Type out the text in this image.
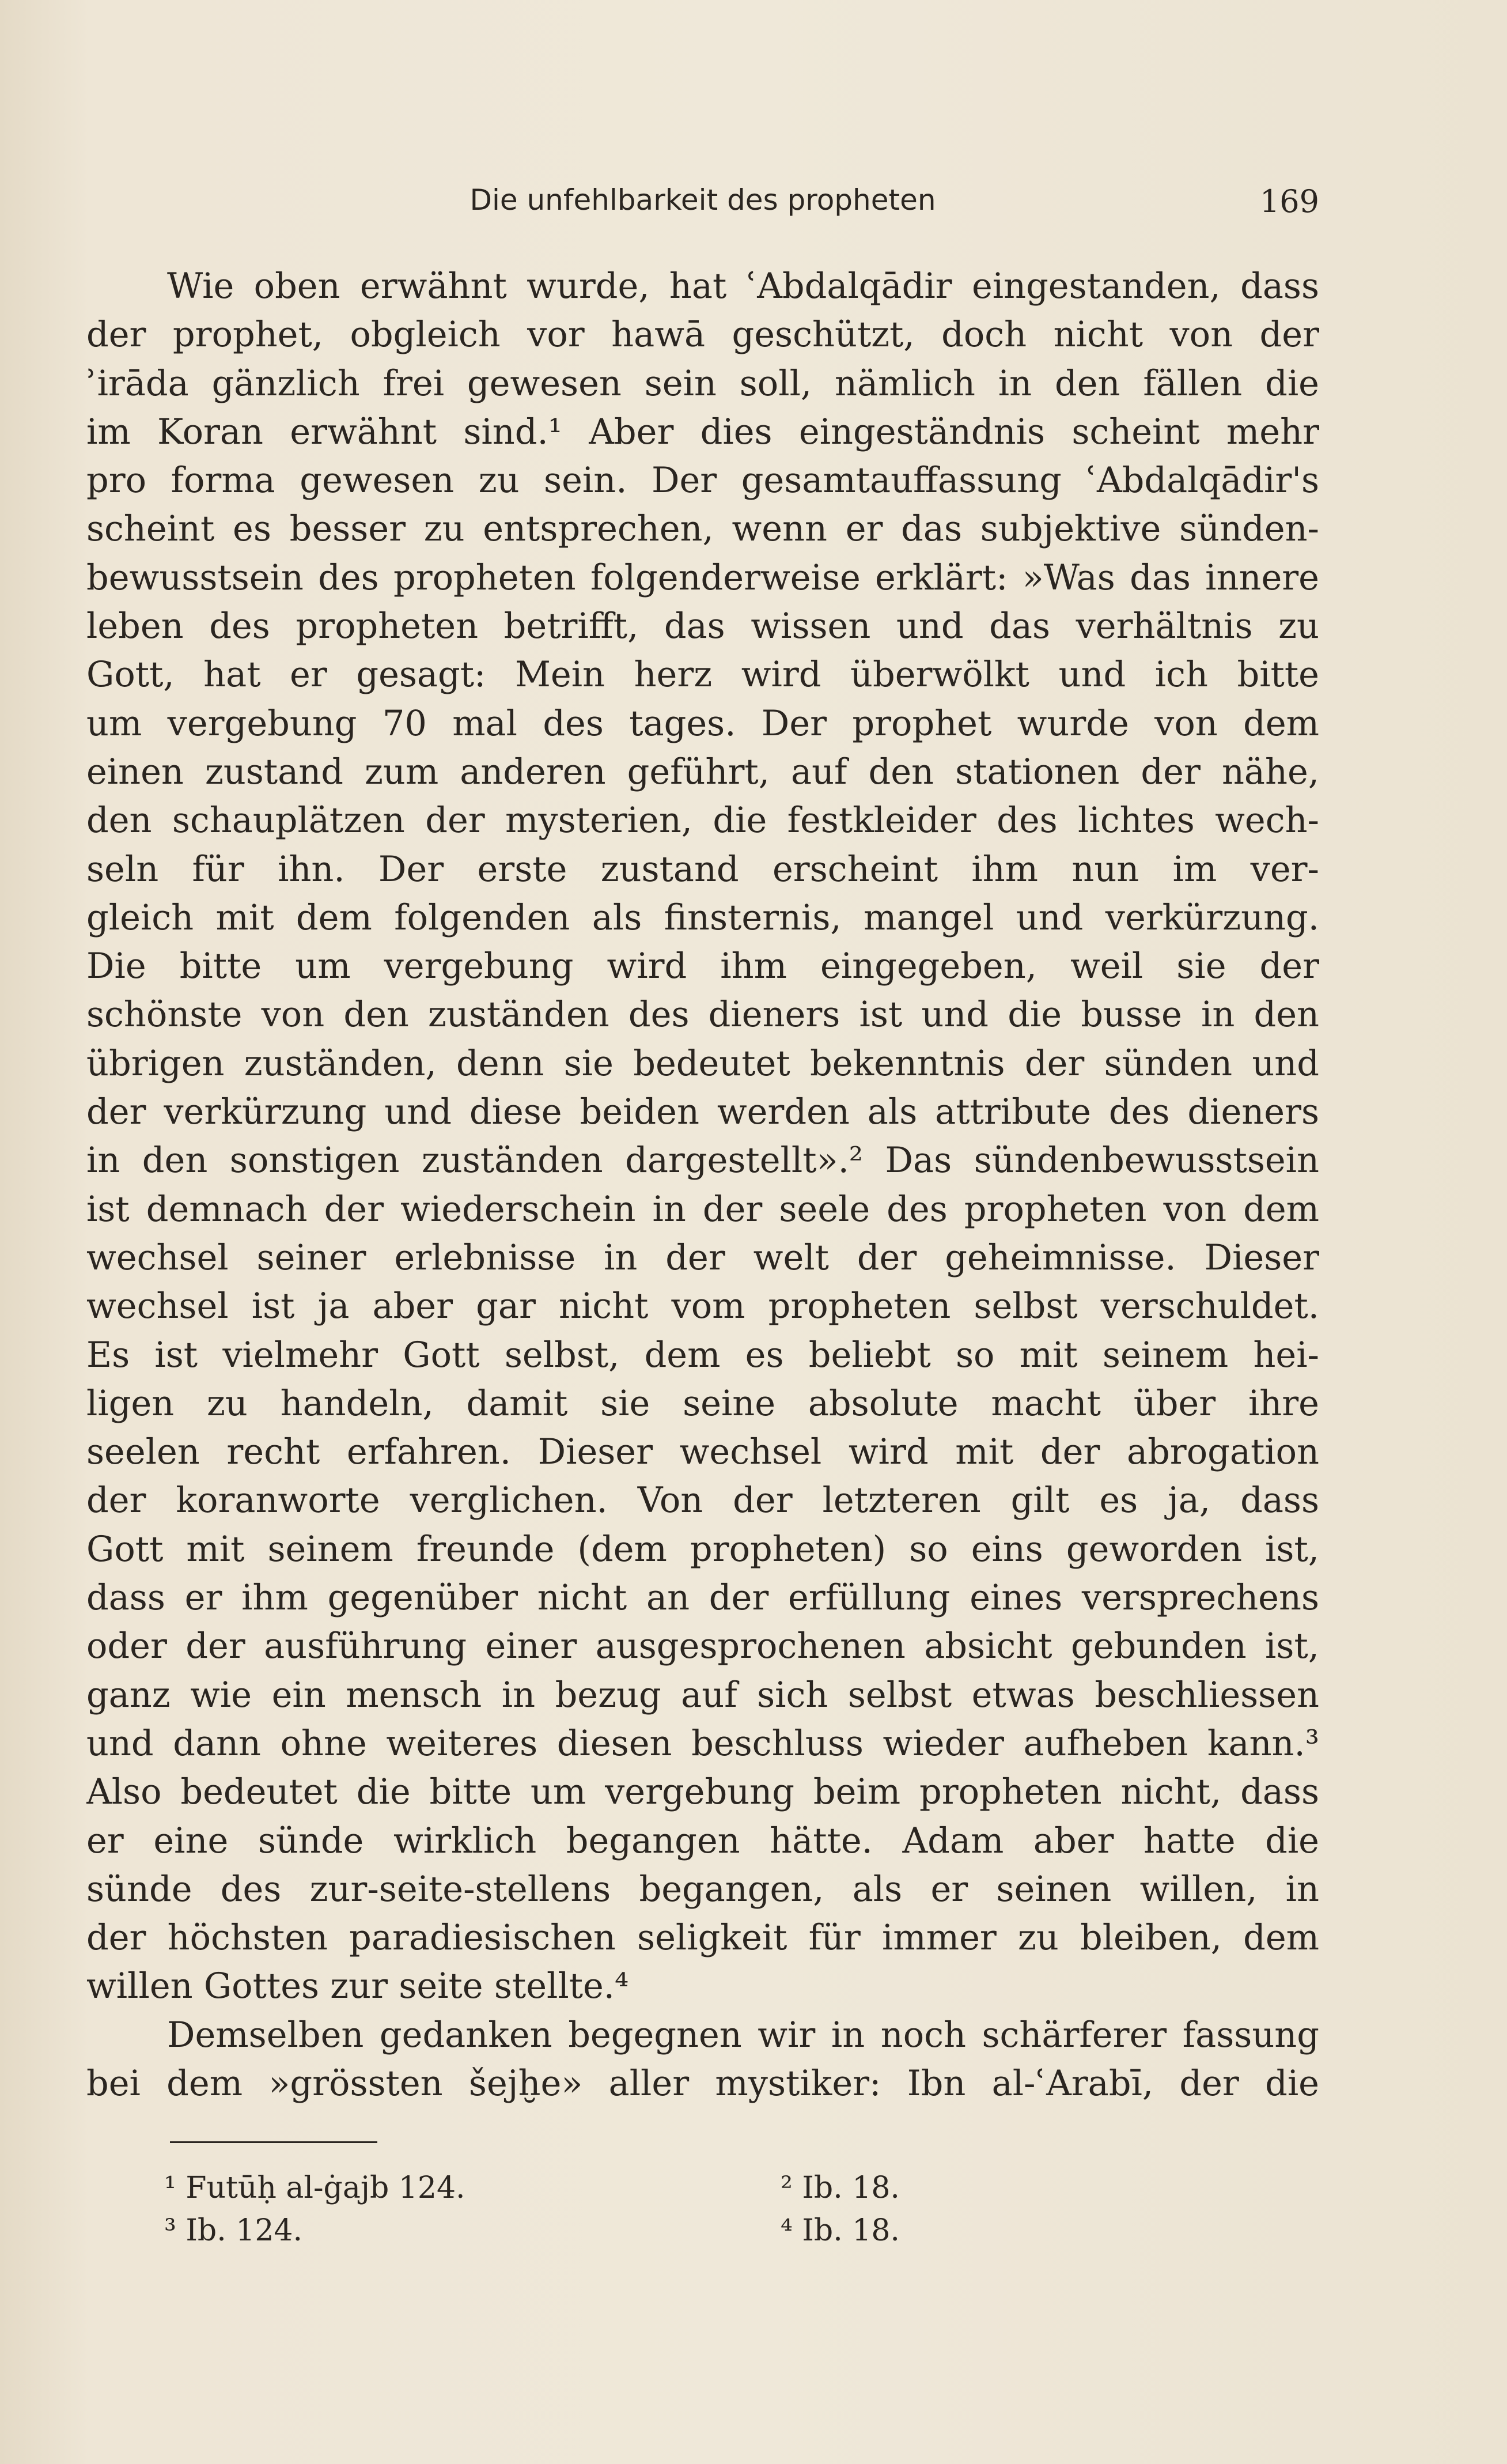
Die unfehlbarkeit des propheten	169
Wie oben erwähnt wurde, hat ʿAbdalqādir eingestanden, dass
der prophet, obgleich vor hawā geschützt, doch nicht von der
ʾirāda gänzlich frei gewesen sein soll, nämlich in den fällen die
im Koran erwähnt sind.¹ Aber dies eingeständnis scheint mehr
pro forma gewesen zu sein. Der gesamtauffassung ʿAbdalqādir's
scheint es besser zu entsprechen, wenn er das subjektive sünden-
bewusstsein des propheten folgenderweise erklärt: »Was das innere
leben des propheten betrifft, das wissen und das verhältnis zu
Gott, hat er gesagt: Mein herz wird überwölkt und ich bitte
um vergebung 70 mal des tages. Der prophet wurde von dem
einen zustand zum anderen geführt, auf den stationen der nähe,
den schauplätzen der mysterien, die festkleider des lichtes wech-
seln für ihn. Der erste zustand erscheint ihm nun im ver-
gleich mit dem folgenden als finsternis, mangel und verkürzung.
Die bitte um vergebung wird ihm eingegeben, weil sie der
schönste von den zuständen des dieners ist und die busse in den
übrigen zuständen, denn sie bedeutet bekenntnis der sünden und
der verkürzung und diese beiden werden als attribute des dieners
in den sonstigen zuständen dargestellt».² Das sündenbewusstsein
ist demnach der wiederschein in der seele des propheten von dem
wechsel seiner erlebnisse in der welt der geheimnisse. Dieser
wechsel ist ja aber gar nicht vom propheten selbst verschuldet.
Es ist vielmehr Gott selbst, dem es beliebt so mit seinem hei-
ligen zu handeln, damit sie seine absolute macht über ihre
seelen recht erfahren. Dieser wechsel wird mit der abrogation
der koranworte verglichen. Von der letzteren gilt es ja, dass
Gott mit seinem freunde (dem propheten) so eins geworden ist,
dass er ihm gegenüber nicht an der erfüllung eines versprechens
oder der ausführung einer ausgesprochenen absicht gebunden ist,
ganz wie ein mensch in bezug auf sich selbst etwas beschliessen
und dann ohne weiteres diesen beschluss wieder aufheben kann.³
Also bedeutet die bitte um vergebung beim propheten nicht, dass
er eine sünde wirklich begangen hätte. Adam aber hatte die
sünde des zur-seite-stellens begangen, als er seinen willen, in
der höchsten paradiesischen seligkeit für immer zu bleiben, dem
willen Gottes zur seite stellte.⁴
Demselben gedanken begegnen wir in noch schärferer fassung
bei dem »grössten šejḫe» aller mystiker: Ibn al-ʿArabī, der die
¹ Futūḥ al-ġajb 124.	² Ib. 18.
³ Ib. 124.	⁴ Ib. 18.
